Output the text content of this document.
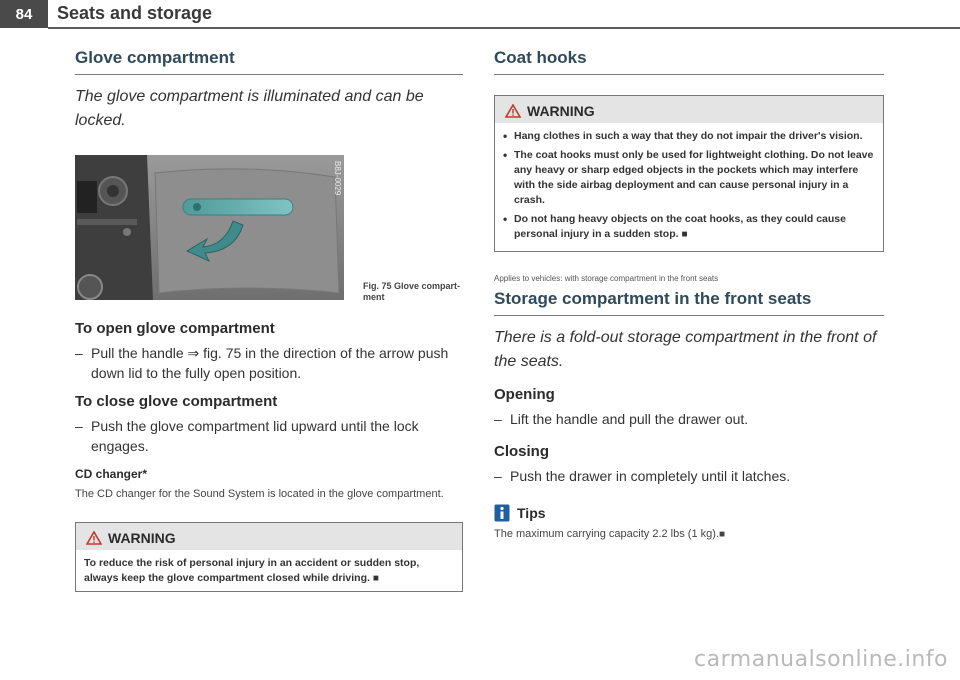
84	Seats and storage
Glove compartment

The glove compartment is illuminated and can be locked.

B8J-0029
Fig. 75 Glove compart-ment
To open glove compartment
– Pull the handle ⇒ fig. 75 in the direction of the arrow push down lid to the fully open position.
To close glove compartment
– Push the glove compartment lid upward until the lock engages.
CD changer*
The CD changer for the Sound System is located in the glove compartment.
WARNING
To reduce the risk of personal injury in an accident or sudden stop, always keep the glove compartment closed while driving. ■
Coat hooks
WARNING
• Hang clothes in such a way that they do not impair the driver's vision.
• The coat hooks must only be used for lightweight clothing. Do not leave any heavy or sharp edged objects in the pockets which may interfere with the side airbag deployment and can cause personal injury in a crash.
• Do not hang heavy objects on the coat hooks, as they could cause personal injury in a sudden stop. ■
Applies to vehicles: with storage compartment in the front seats
Storage compartment in the front seats

There is a fold-out storage compartment in the front of the seats.

Opening
– Lift the handle and pull the drawer out.
Closing
– Push the drawer in completely until it latches.
Tips
The maximum carrying capacity 2.2 lbs (1 kg).■
carmanualsonline.info
